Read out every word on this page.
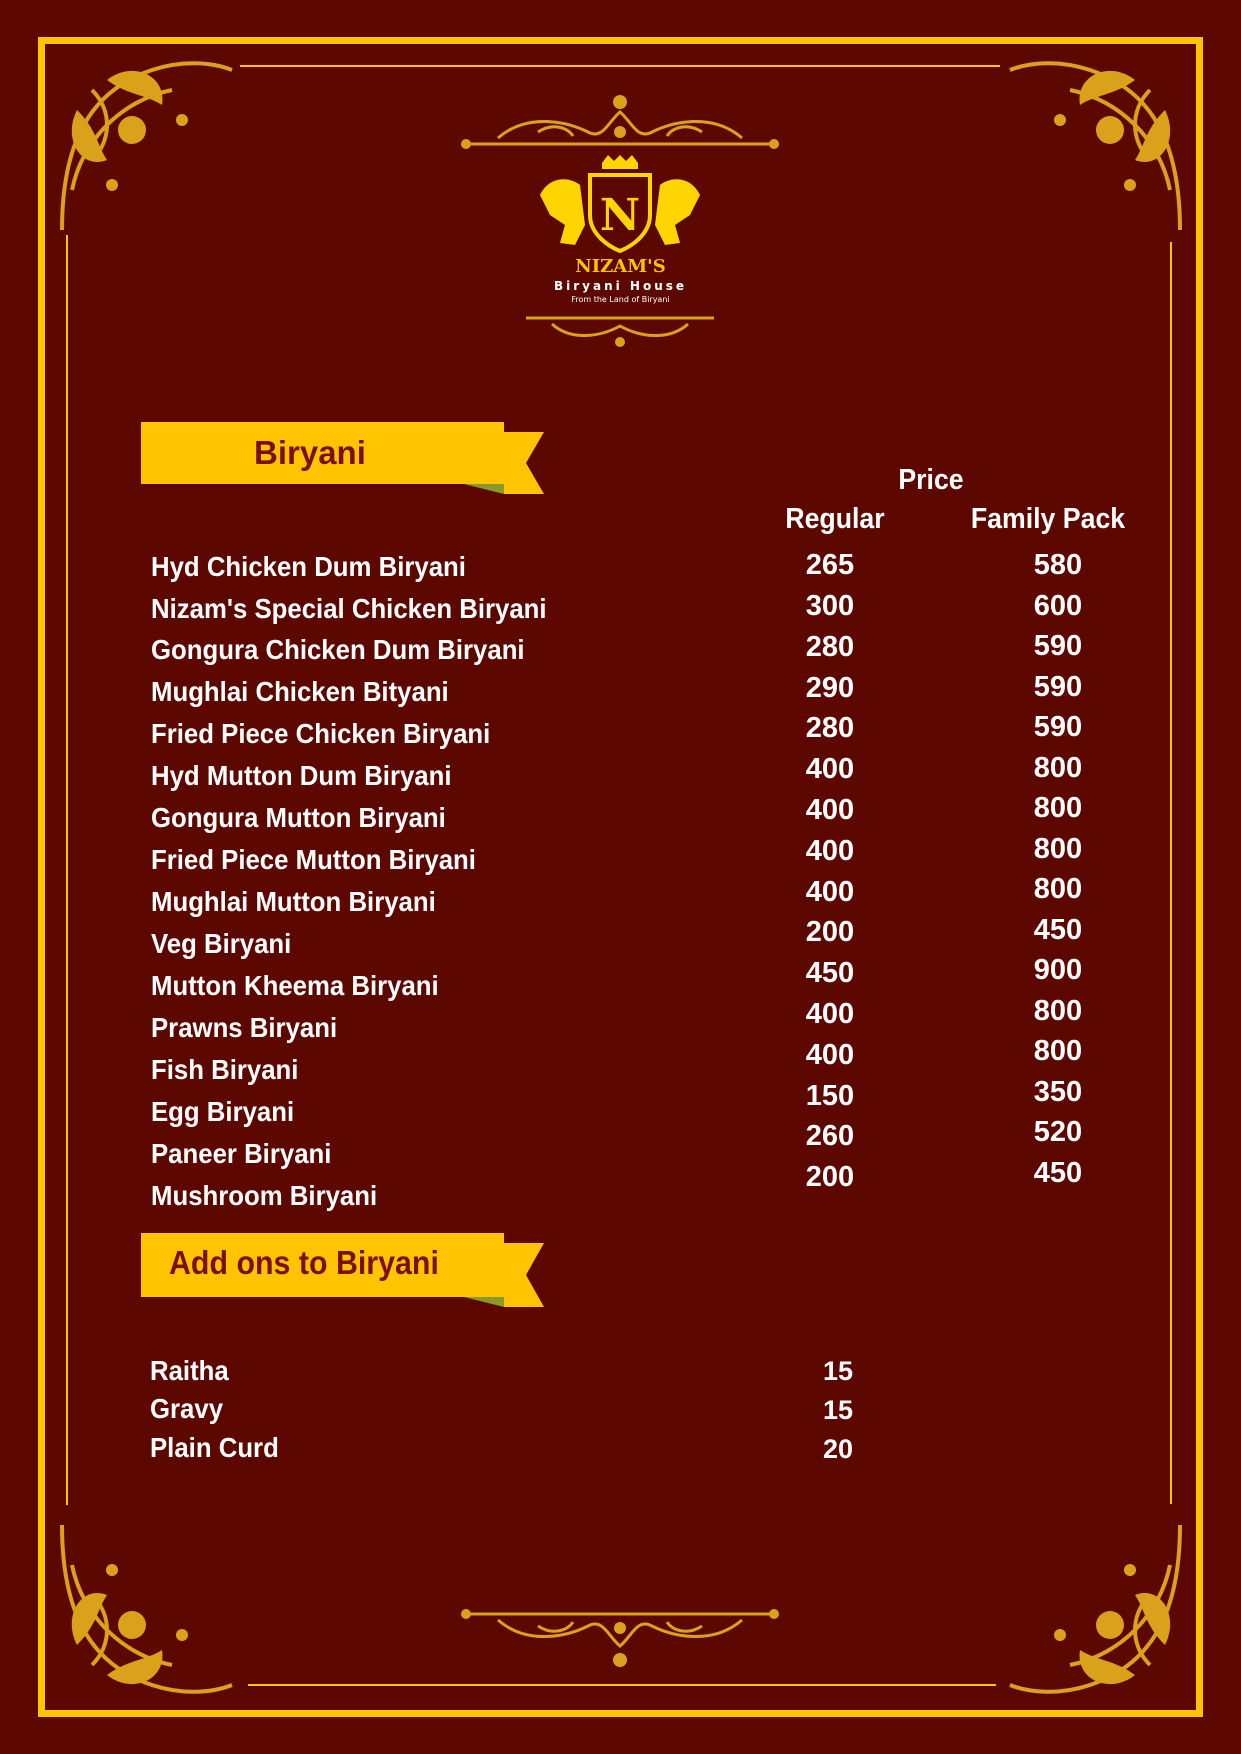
N
NIZAM'S
Biryani House
From the Land of Biryani
Biryani
Price
Regular	Family Pack
Hyd Chicken Dum Biryani
Nizam's Special Chicken Biryani
Gongura Chicken Dum Biryani
Mughlai Chicken Bityani
Fried Piece Chicken Biryani
Hyd Mutton Dum Biryani
Gongura Mutton Biryani
Fried Piece Mutton Biryani
Mughlai Mutton Biryani
Veg Biryani
Mutton Kheema Biryani
Prawns Biryani
Fish Biryani
Egg Biryani
Paneer Biryani
Mushroom Biryani
265
300
280
290
280
400
400
400
400
200
450
400
400
150
260
200
580
600
590
590
590
800
800
800
800
450
900
800
800
350
520
450
Add ons to Biryani
Raitha
Gravy
Plain Curd
15
15
20
